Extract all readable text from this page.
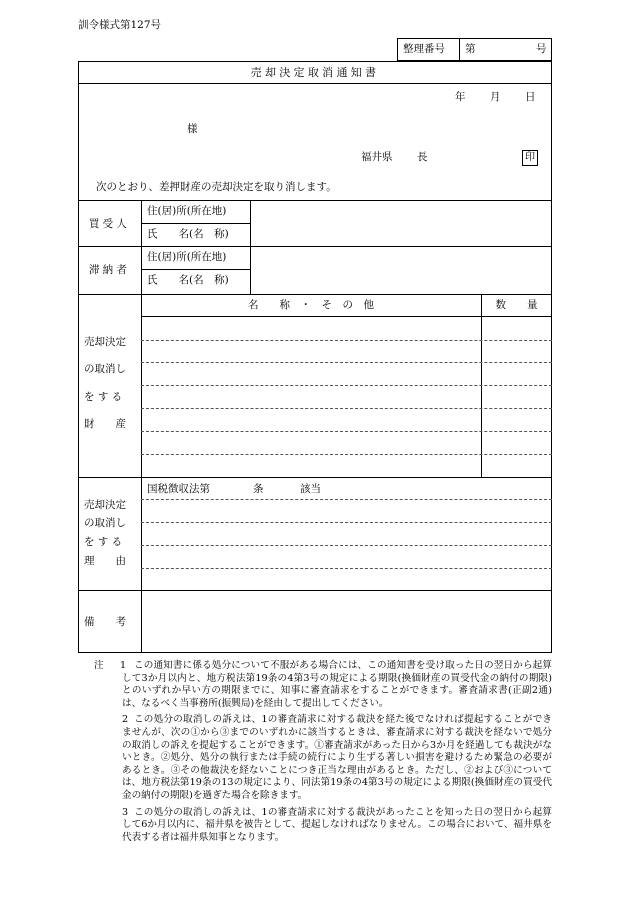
訓令様式第127号
整理番号 第	号
売却決定取消通知書
年 月 日
様
福井県 長	印
次のとおり、差押財産の売却決定を取り消します。
買受人
住(居)所(所在地)
氏　　名(名　称)
滞納者
住(居)所(所在地)
氏　　名(名　称)
名　　称　・　そ　の　他	数　　量
売却決定
の取消し
を す る
財　　産
国税徴収法第	条	該当
売却決定
の取消し
を す る
理　　由
備　　考
注	1 この通知書に係る処分について不服がある場合には、この通知書を受け取った日の翌日から起算して3か月以内と、地方税法第19条の4第3号の規定による期限(換価財産の買受代金の納付の期限)とのいずれか早い方の期限までに、知事に審査請求をすることができます。審査請求書(正副2通)は、なるべく当事務所(振興局)を経由して提出してください。
2 この処分の取消しの訴えは、1の審査請求に対する裁決を経た後でなければ提起することができませんが、次の①から③までのいずれかに該当するときは、審査請求に対する裁決を経ないで処分の取消しの訴えを提起することができます。①審査請求があった日から3か月を経過しても裁決がないとき。②処分、処分の執行または手続の続行により生ずる著しい損害を避けるため緊急の必要があるとき。③その他裁決を経ないことにつき正当な理由があるとき。ただし、②および③については、地方税法第19条の13の規定により、同法第19条の4第3号の規定による期限(換価財産の買受代金の納付の期限)を過ぎた場合を除きます。
3 この処分の取消しの訴えは、1の審査請求に対する裁決があったことを知った日の翌日から起算して6か月以内に、福井県を被告として、提起しなければなりません。この場合において、福井県を代表する者は福井県知事となります。
